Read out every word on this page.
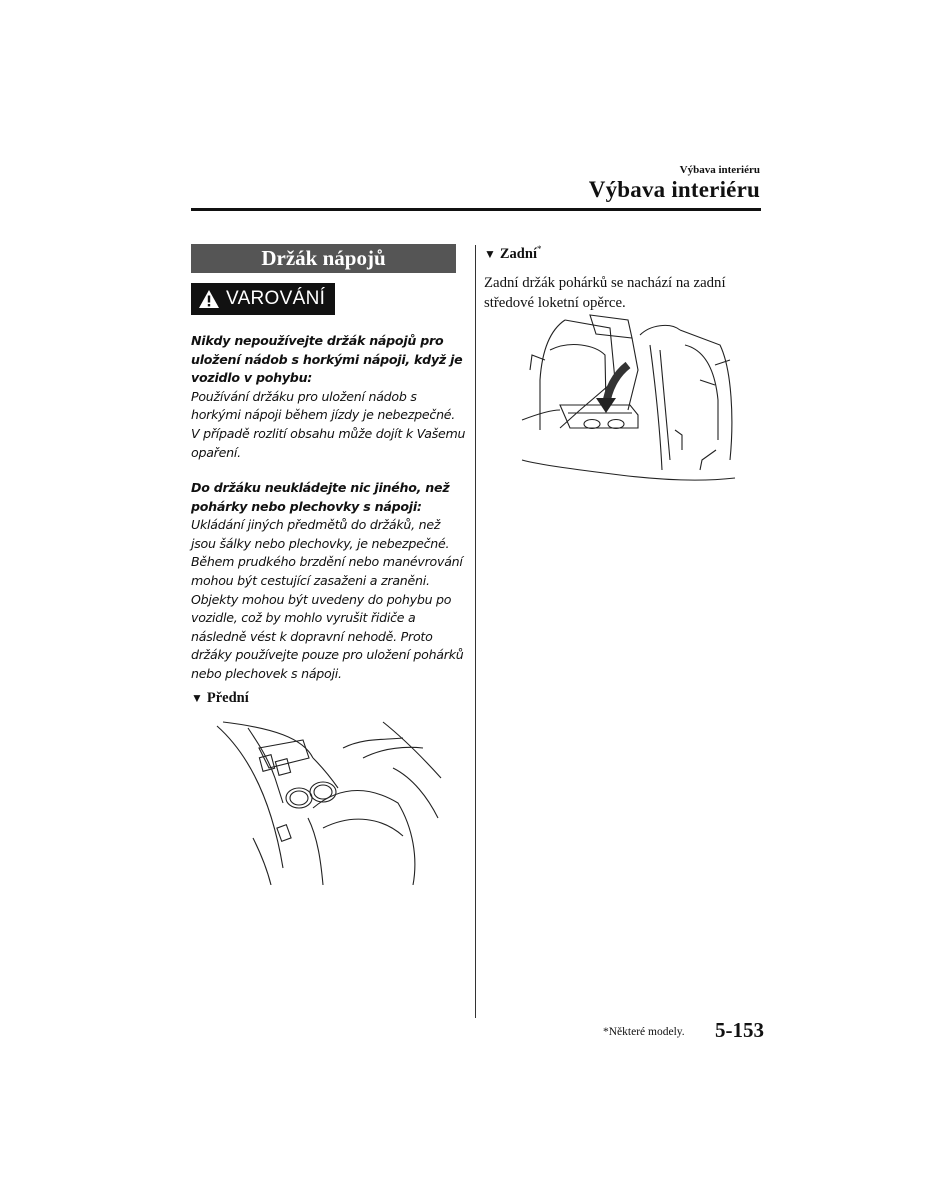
Výbava interiéru
Výbava interiéru
Držák nápojů
VAROVÁNÍ
Nikdy nepoužívejte držák nápojů pro uložení nádob s horkými nápoji, když je vozidlo v pohybu:
Používání držáku pro uložení nádob s horkými nápoji během jízdy je nebezpečné. V případě rozlití obsahu může dojít k Vašemu opaření.
Do držáku neukládejte nic jiného, než pohárky nebo plechovky s nápoji:
Ukládání jiných předmětů do držáků, než jsou šálky nebo plechovky, je nebezpečné. Během prudkého brzdění nebo manévrování mohou být cestující zasaženi a zraněni. Objekty mohou být uvedeny do pohybu po vozidle, což by mohlo vyrušit řidiče a následně vést k dopravní nehodě. Proto držáky používejte pouze pro uložení pohárků nebo plechovek s nápoji.
▼ Přední
▼ Zadní*
Zadní držák pohárků se nachází na zadní středové loketní opěrce.
*Některé modely. 5-153
